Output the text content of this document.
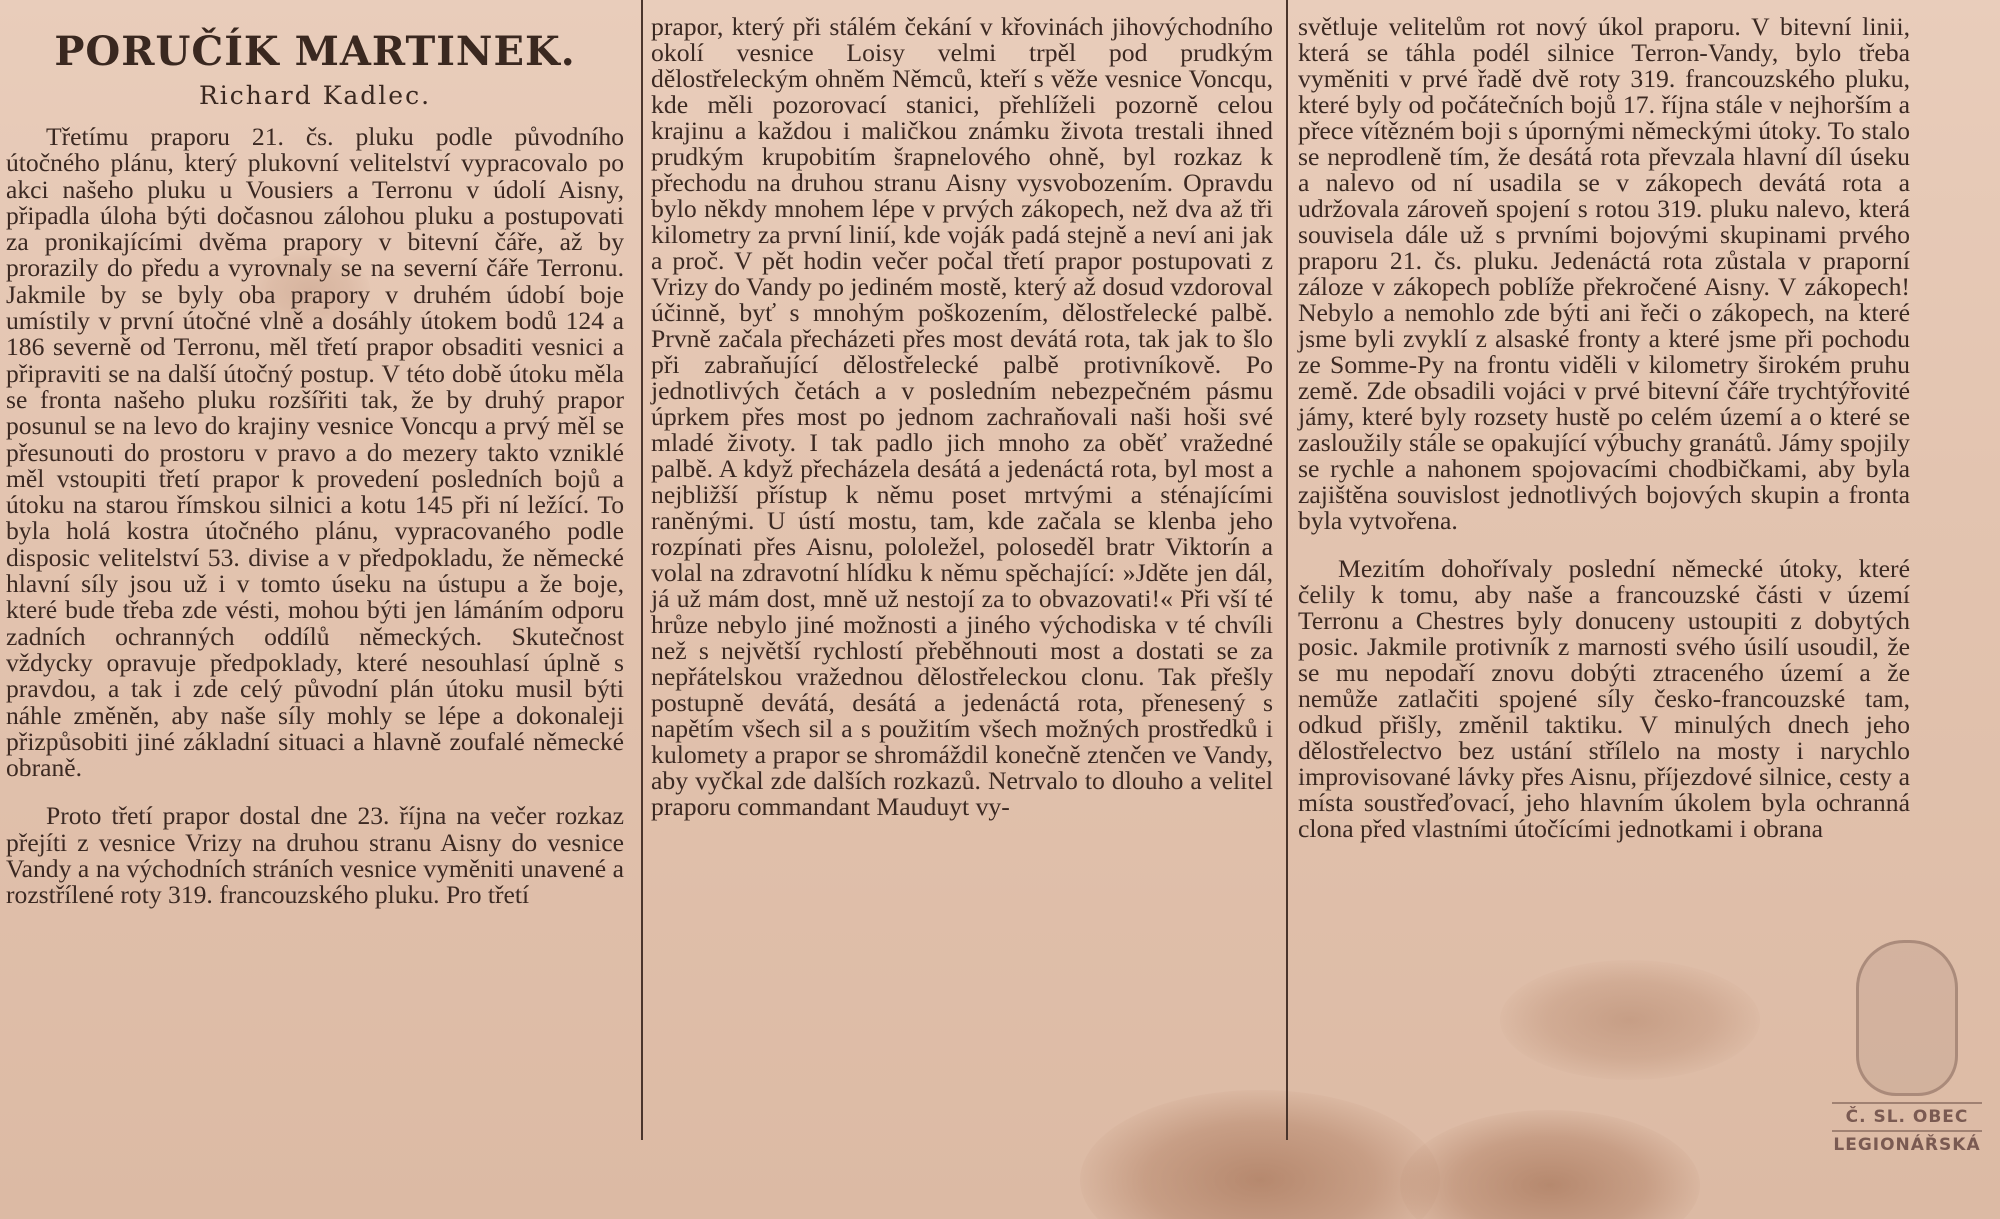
PORUČÍK MARTINEK.
Richard Kadlec.

Třetímu praporu 21. čs. pluku podle původního útočného plánu, který plukovní velitelství vypracovalo po akci našeho pluku u Vousiers a Terronu v údolí Aisny, připadla úloha býti dočasnou zálohou pluku a postupovati za pronikajícími dvěma prapory v bitevní čáře, až by prorazily do předu a vyrovnaly se na severní čáře Terronu. Jakmile by se byly oba prapory v druhém údobí boje umístily v první útočné vlně a dosáhly útokem bodů 124 a 186 severně od Terronu, měl třetí prapor obsaditi vesnici a připraviti se na další útočný postup. V této době útoku měla se fronta našeho pluku rozšířiti tak, že by druhý prapor posunul se na levo do krajiny vesnice Voncqu a prvý měl se přesunouti do prostoru v pravo a do mezery takto vzniklé měl vstoupiti třetí prapor k provedení posledních bojů a útoku na starou římskou silnici a kotu 145 při ní ležící. To byla holá kostra útočného plánu, vypracovaného podle disposic velitelství 53. divise a v předpokladu, že německé hlavní síly jsou už i v tomto úseku na ústupu a že boje, které bude třeba zde vésti, mohou býti jen lámáním odporu zadních ochranných oddílů německých. Skutečnost vždycky opravuje předpoklady, které nesouhlasí úplně s pravdou, a tak i zde celý původní plán útoku musil býti náhle změněn, aby naše síly mohly se lépe a dokonaleji přizpůsobiti jiné základní situaci a hlavně zoufalé německé obraně.

Proto třetí prapor dostal dne 23. října na večer rozkaz přejíti z vesnice Vrizy na druhou stranu Aisny do vesnice Vandy a na východních stráních vesnice vyměniti unavené a rozstřílené roty 319. francouzského pluku. Pro třetí

prapor, který při stálém čekání v křovinách jihovýchodního okolí vesnice Loisy velmi trpěl pod prudkým dělostřeleckým ohněm Němců, kteří s věže vesnice Voncqu, kde měli pozorovací stanici, přehlíželi pozorně celou krajinu a každou i maličkou známku života trestali ihned prudkým krupobitím šrapnelového ohně, byl rozkaz k přechodu na druhou stranu Aisny vysvobozením. Opravdu bylo někdy mnohem lépe v prvých zákopech, než dva až tři kilometry za první linií, kde voják padá stejně a neví ani jak a proč. V pět hodin večer počal třetí prapor postupovati z Vrizy do Vandy po jediném mostě, který až dosud vzdoroval účinně, byť s mnohým poškozením, dělostřelecké palbě. Prvně začala přecházeti přes most devátá rota, tak jak to šlo při zabraňující dělostřelecké palbě protivníkově. Po jednotlivých četách a v posledním nebezpečném pásmu úprkem přes most po jednom zachraňovali naši hoši své mladé životy. I tak padlo jich mnoho za oběť vražedné palbě. A když přecházela desátá a jedenáctá rota, byl most a nejbližší přístup k němu poset mrtvými a sténajícími raněnými. U ústí mostu, tam, kde začala se klenba jeho rozpínati přes Aisnu, pololežel, poloseděl bratr Viktorín a volal na zdravotní hlídku k němu spěchající: »Jděte jen dál, já už mám dost, mně už nestojí za to obvazovati!« Při vší té hrůze nebylo jiné možnosti a jiného východiska v té chvíli než s největší rychlostí přeběhnouti most a dostati se za nepřátelskou vražednou dělostřeleckou clonu. Tak přešly postupně devátá, desátá a jedenáctá rota, přenesený s napětím všech sil a s použitím všech možných prostředků i kulomety a prapor se shromáždil konečně ztenčen ve Vandy, aby vyčkal zde dalších rozkazů. Netrvalo to dlouho a velitel praporu commandant Mauduyt vy-

světluje velitelům rot nový úkol praporu. V bitevní linii, která se táhla podél silnice Terron-Vandy, bylo třeba vyměniti v prvé řadě dvě roty 319. francouzského pluku, které byly od počátečních bojů 17. října stále v nejhorším a přece vítězném boji s úpornými německými útoky. To stalo se neprodleně tím, že desátá rota převzala hlavní díl úseku a nalevo od ní usadila se v zákopech devátá rota a udržovala zároveň spojení s rotou 319. pluku nalevo, která souvisela dále už s prvními bojovými skupinami prvého praporu 21. čs. pluku. Jedenáctá rota zůstala v praporní záloze v zákopech poblíže překročené Aisny. V zákopech! Nebylo a nemohlo zde býti ani řeči o zákopech, na které jsme byli zvyklí z alsaské fronty a které jsme při pochodu ze Somme-Py na frontu viděli v kilometry širokém pruhu země. Zde obsadili vojáci v prvé bitevní čáře trychtýřovité jámy, které byly rozsety hustě po celém území a o které se zasloužily stále se opakující výbuchy granátů. Jámy spojily se rychle a nahonem spojovacími chodbičkami, aby byla zajištěna souvislost jednotlivých bojových skupin a fronta byla vytvořena.

Mezitím dohořívaly poslední německé útoky, které čelily k tomu, aby naše a francouzské části v území Terronu a Chestres byly donuceny ustoupiti z dobytých posic. Jakmile protivník z marnosti svého úsilí usoudil, že se mu nepodaří znovu dobýti ztraceného území a že nemůže zatlačiti spojené síly česko-francouzské tam, odkud přišly, změnil taktiku. V minulých dnech jeho dělostřelectvo bez ustání střílelo na mosty i narychlo improvisované lávky přes Aisnu, příjezdové silnice, cesty a místa soustřeďovací, jeho hlavním úkolem byla ochranná clona před vlastními útočícími jednotkami i obrana

Č. SL. OBEC
LEGIONÁŘSKÁ
